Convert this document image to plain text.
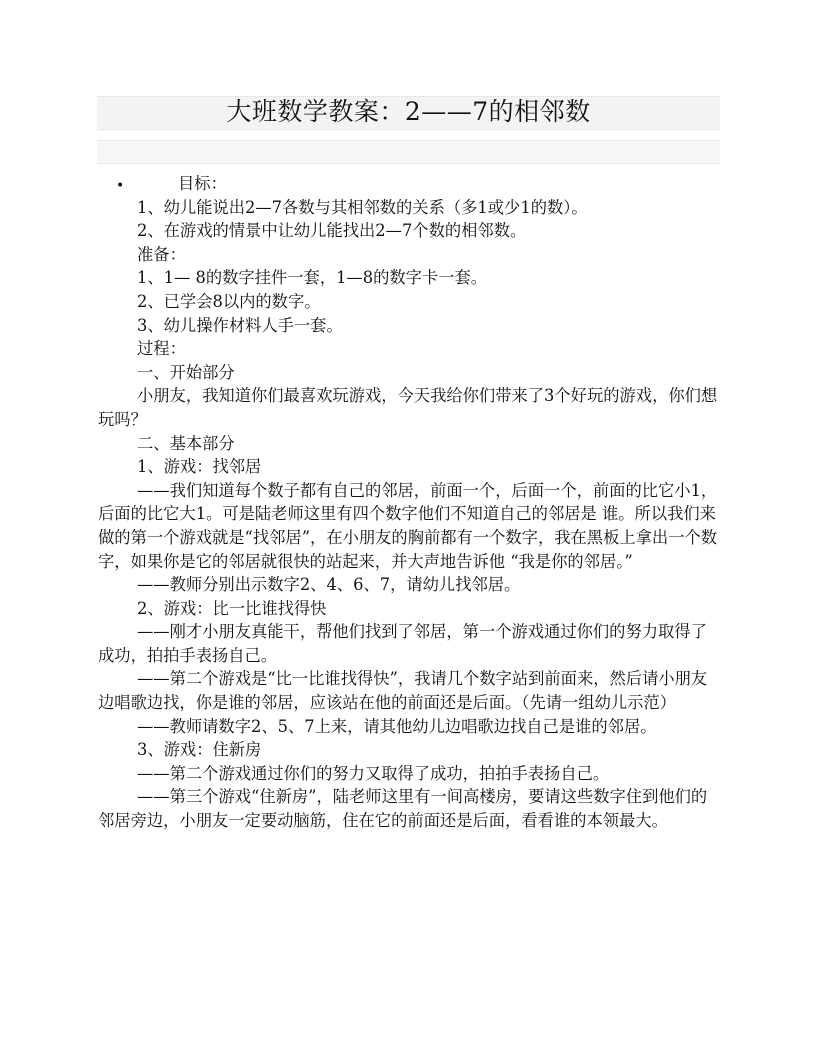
大班数学教案：2——7的相邻数
•	目标：

1、幼儿能说出2—7各数与其相邻数的关系（多1或少1的数）。

2、在游戏的情景中让幼儿能找出2—7个数的相邻数。

准备：

1、1— 8的数字挂件一套，1—8的数字卡一套。

2、已学会8以内的数字。

3、幼儿操作材料人手一套。

过程：

一、开始部分

小朋友，我知道你们最喜欢玩游戏，今天我给你们带来了3个好玩的游戏，你们想玩吗？

二、基本部分

1、游戏：找邻居

——我们知道每个数子都有自己的邻居，前面一个，后面一个，前面的比它小1，后面的比它大1。可是陆老师这里有四个数字他们不知道自己的邻居是 谁。所以我们来做的第一个游戏就是“找邻居”，在小朋友的胸前都有一个数字，我在黑板上拿出一个数字，如果你是它的邻居就很快的站起来，并大声地告诉他 “我是你的邻居。”

——教师分别出示数字2、4、6、7，请幼儿找邻居。

2、游戏：比一比谁找得快

——刚才小朋友真能干，帮他们找到了邻居，第一个游戏通过你们的努力取得了成功，拍拍手表扬自己。

——第二个游戏是“比一比谁找得快”，我请几个数字站到前面来，然后请小朋友边唱歌边找，你是谁的邻居，应该站在他的前面还是后面。（先请一组幼儿示范）

——教师请数字2、5、7上来，请其他幼儿边唱歌边找自己是谁的邻居。

3、游戏：住新房

——第二个游戏通过你们的努力又取得了成功，拍拍手表扬自己。

——第三个游戏“住新房”，陆老师这里有一间高楼房，要请这些数字住到他们的邻居旁边，小朋友一定要动脑筋，住在它的前面还是后面，看看谁的本领最大。
